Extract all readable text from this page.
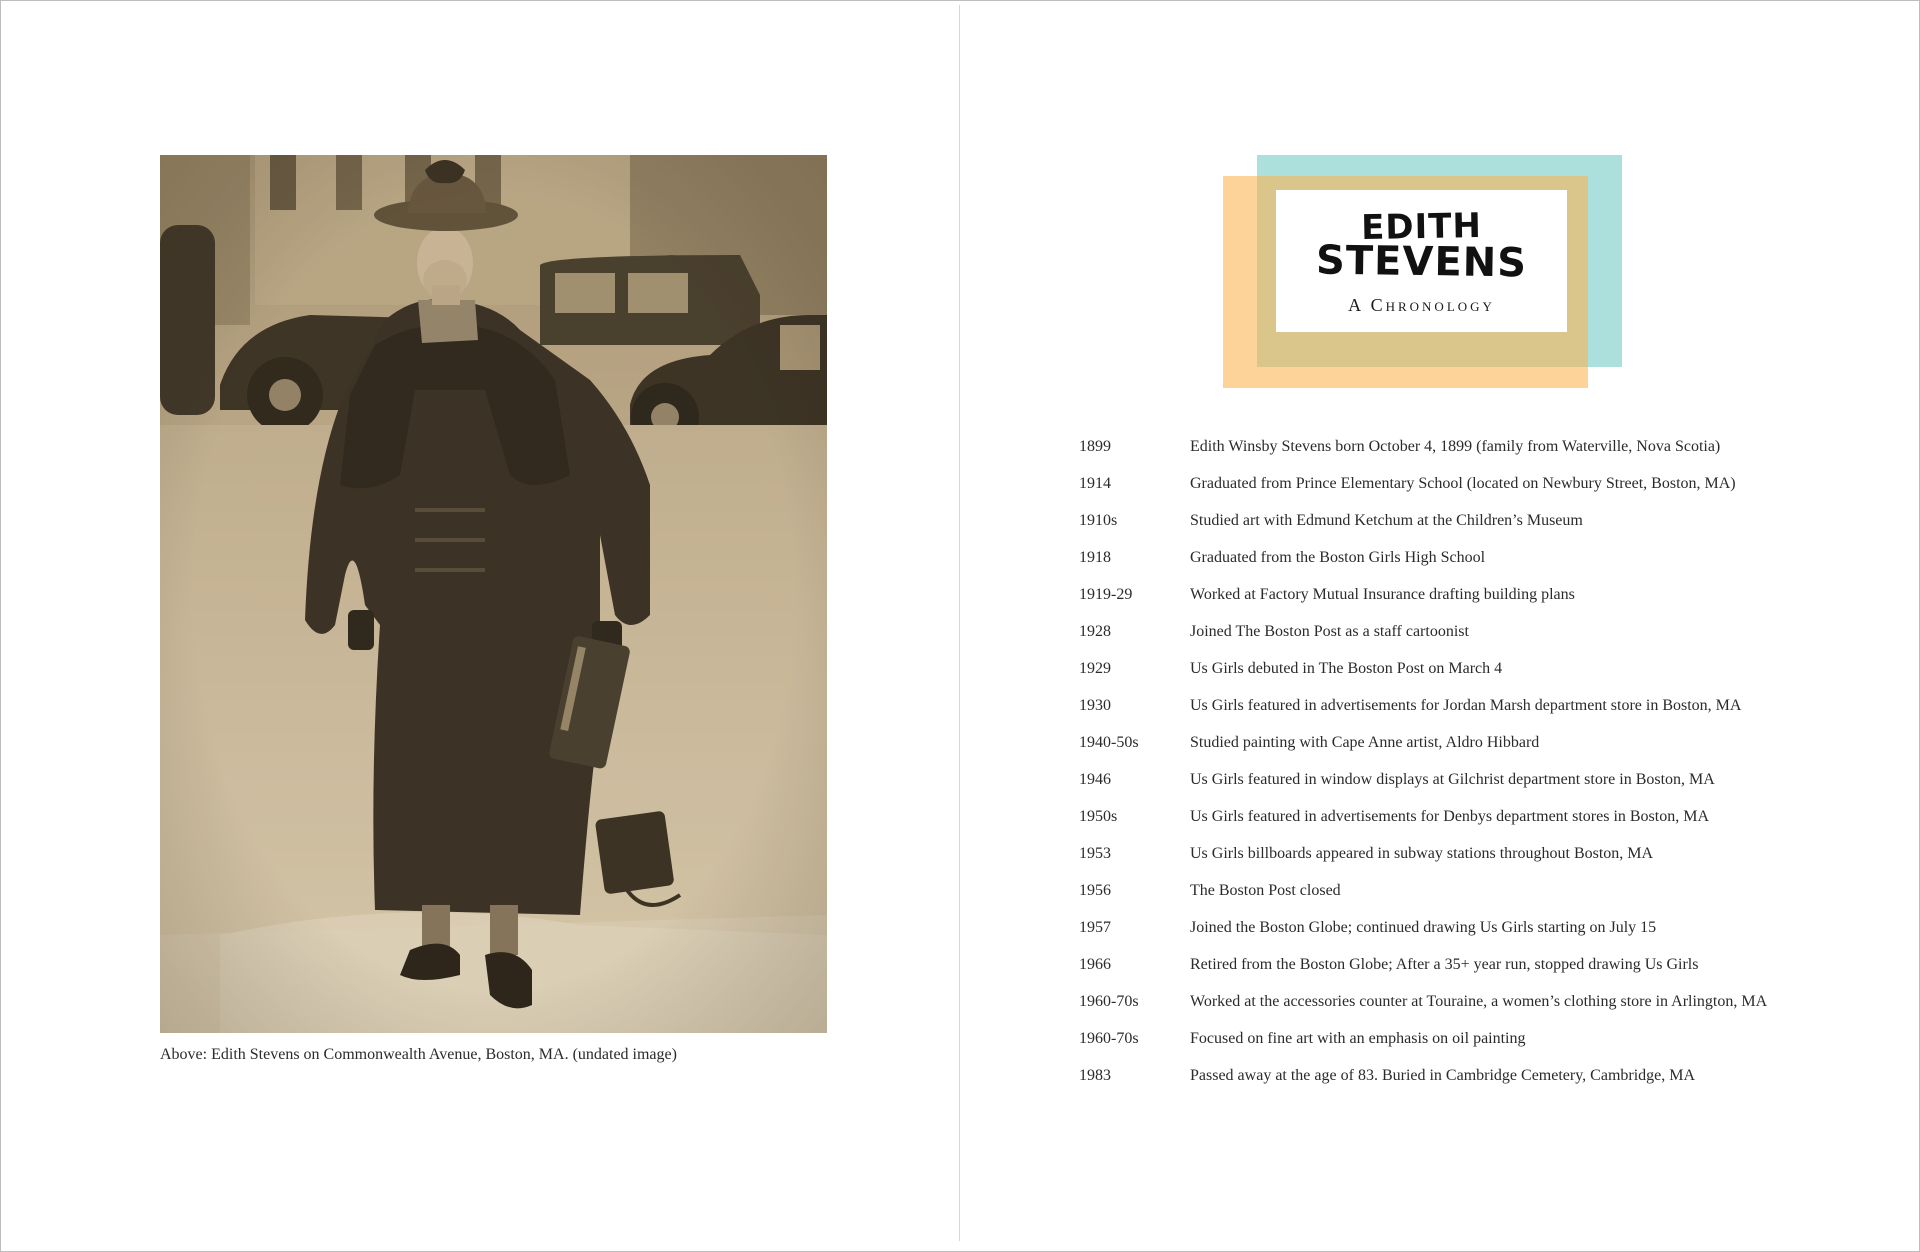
Above: Edith Stevens on Commonwealth Avenue, Boston, MA. (undated image)
EDITH
STEVENS
A Chronology
1899	Edith Winsby Stevens born October 4, 1899 (family from Waterville, Nova Scotia)
1914	Graduated from Prince Elementary School (located on Newbury Street, Boston, MA)
1910s	Studied art with Edmund Ketchum at the Children’s Museum
1918	Graduated from the Boston Girls High School
1919-29	Worked at Factory Mutual Insurance drafting building plans
1928	Joined The Boston Post as a staff cartoonist
1929	Us Girls debuted in The Boston Post on March 4
1930	Us Girls featured in advertisements for Jordan Marsh department store in Boston, MA
1940-50s	Studied painting with Cape Anne artist, Aldro Hibbard
1946	Us Girls featured in window displays at Gilchrist department store in Boston, MA
1950s	Us Girls featured in advertisements for Denbys department stores in Boston, MA
1953	Us Girls billboards appeared in subway stations throughout Boston, MA
1956	The Boston Post closed
1957	Joined the Boston Globe; continued drawing Us Girls starting on July 15
1966	Retired from the Boston Globe; After a 35+ year run, stopped drawing Us Girls
1960-70s	Worked at the accessories counter at Touraine, a women’s clothing store in Arlington, MA
1960-70s	Focused on fine art with an emphasis on oil painting
1983	Passed away at the age of 83. Buried in Cambridge Cemetery, Cambridge, MA
